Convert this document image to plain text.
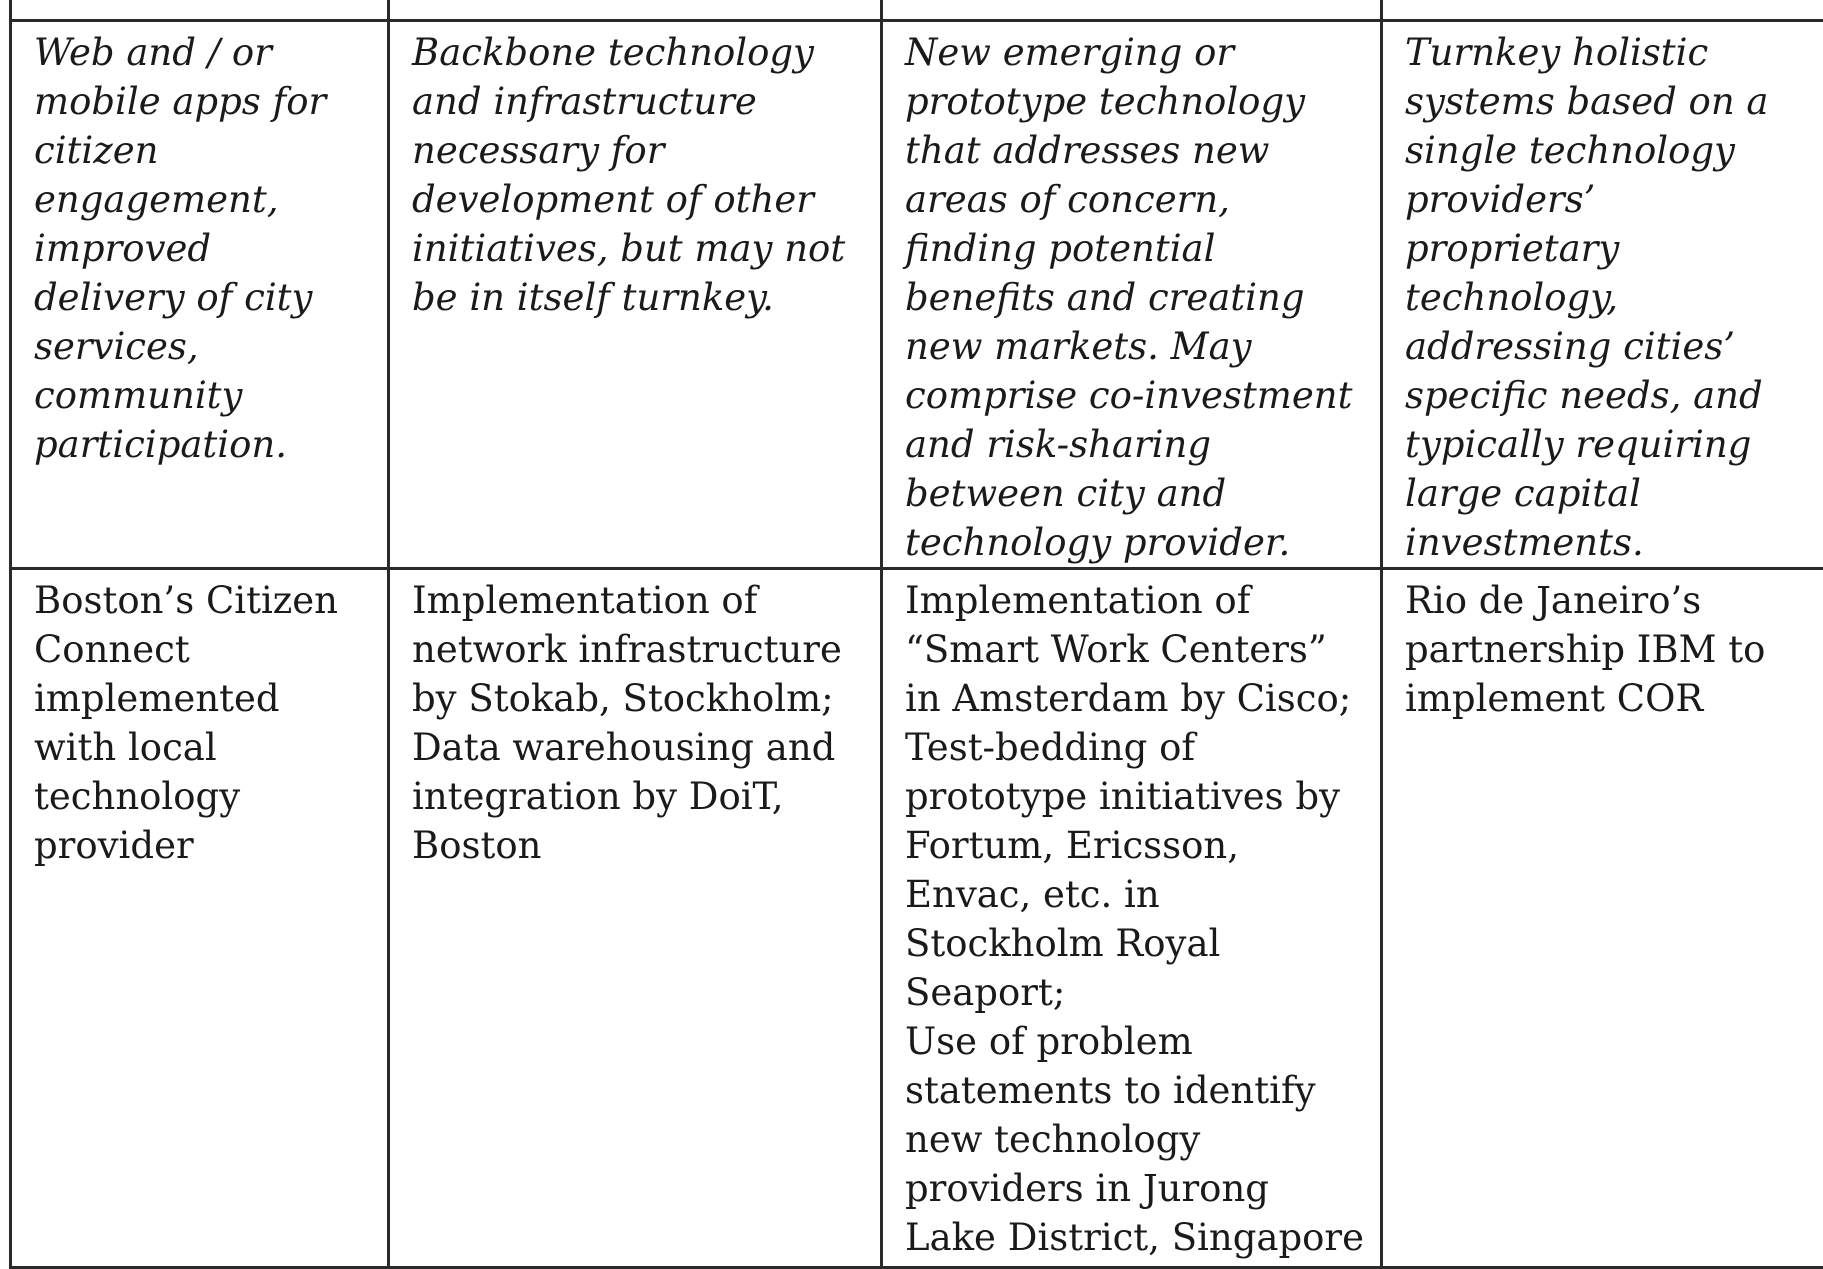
Web and / or mobile apps for citizen engagement, improved delivery of city services, community participation.	Backbone technology and infrastructure necessary for development of other initiatives, but may not be in itself turnkey.	New emerging or prototype technology that addresses new areas of concern, finding potential benefits and creating new markets. May comprise co-investment and risk-sharing between city and technology provider.	Turnkey holistic systems based on a single technology providers’ proprietary technology, addressing cities’ specific needs, and typically requiring large capital investments.

Boston’s Citizen Connect implemented with local technology provider	Implementation of network infrastructure by Stokab, Stockholm; Data warehousing and integration by DoiT, Boston	Implementation of “Smart Work Centers” in Amsterdam by Cisco;
Test-bedding of prototype initiatives by Fortum, Ericsson, Envac, etc. in Stockholm Royal Seaport;
Use of problem statements to identify new technology providers in Jurong Lake District, Singapore	Rio de Janeiro’s partnership IBM to implement COR
